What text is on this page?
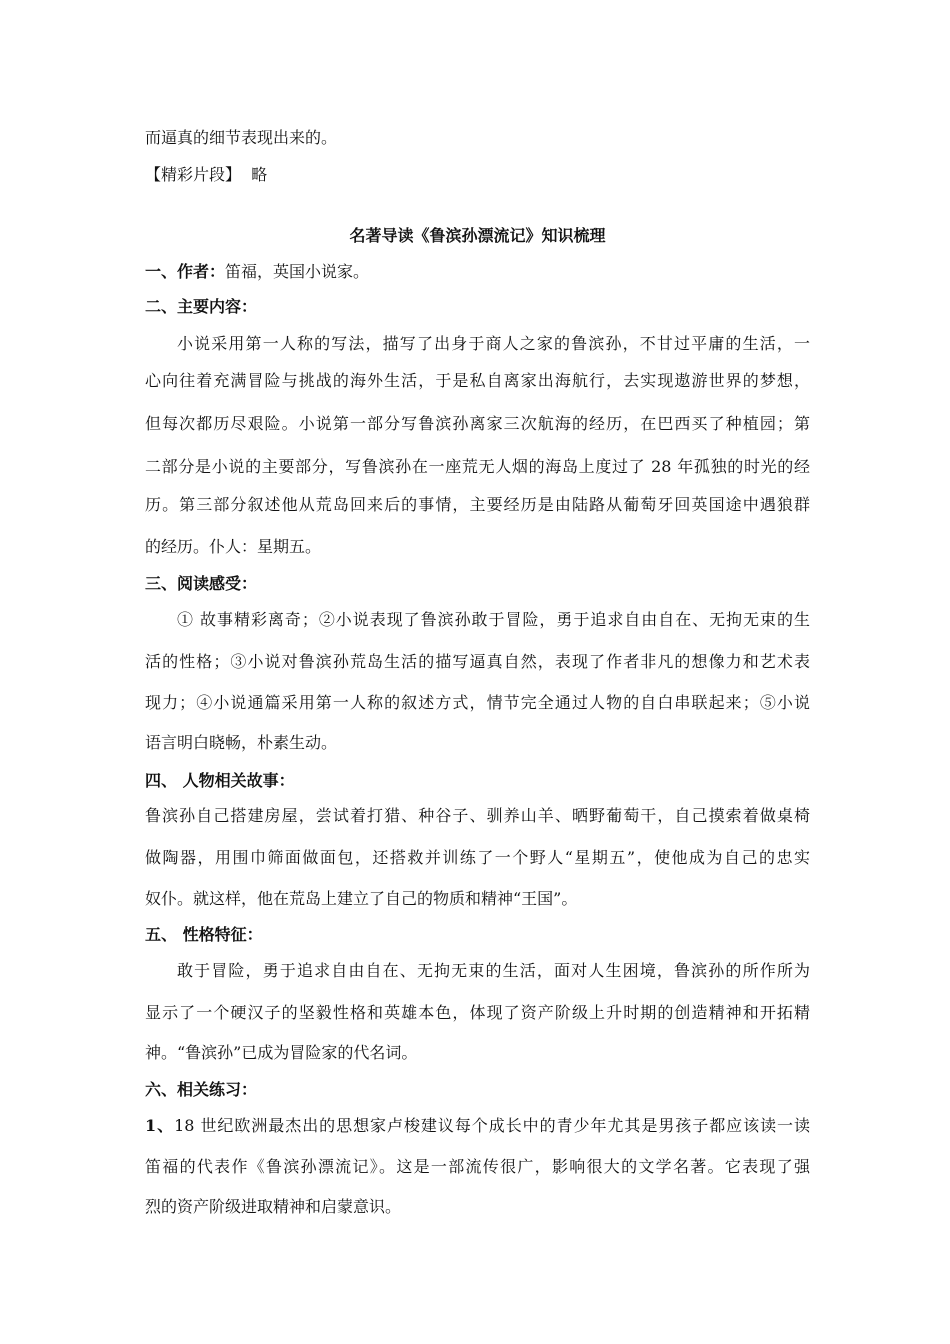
而逼真的细节表现出来的。
【精彩片段】 略
名著导读《鲁滨孙漂流记》知识梳理
一、作者：笛福，英国小说家。
二、主要内容：
小说采用第一人称的写法，描写了出身于商人之家的鲁滨孙，不甘过平庸的生活，一
心向往着充满冒险与挑战的海外生活，于是私自离家出海航行，去实现遨游世界的梦想，
但每次都历尽艰险。小说第一部分写鲁滨孙离家三次航海的经历，在巴西买了种植园；第
二部分是小说的主要部分，写鲁滨孙在一座荒无人烟的海岛上度过了 28 年孤独的时光的经
历。第三部分叙述他从荒岛回来后的事情，主要经历是由陆路从葡萄牙回英国途中遇狼群
的经历。仆人：星期五。
三、阅读感受：
① 故事精彩离奇；②小说表现了鲁滨孙敢于冒险，勇于追求自由自在、无拘无束的生
活的性格；③小说对鲁滨孙荒岛生活的描写逼真自然，表现了作者非凡的想像力和艺术表
现力；④小说通篇采用第一人称的叙述方式，情节完全通过人物的自白串联起来；⑤小说
语言明白晓畅，朴素生动。
四、 人物相关故事：
鲁滨孙自己搭建房屋，尝试着打猎、种谷子、驯养山羊、晒野葡萄干，自己摸索着做桌椅
做陶器，用围巾筛面做面包，还搭救并训练了一个野人“星期五”，使他成为自己的忠实
奴仆。就这样，他在荒岛上建立了自己的物质和精神“王国”。
五、 性格特征：
敢于冒险，勇于追求自由自在、无拘无束的生活，面对人生困境，鲁滨孙的所作所为
显示了一个硬汉子的坚毅性格和英雄本色，体现了资产阶级上升时期的创造精神和开拓精
神。“鲁滨孙”已成为冒险家的代名词。
六、相关练习：
1、18 世纪欧洲最杰出的思想家卢梭建议每个成长中的青少年尤其是男孩子都应该读一读
笛福的代表作《鲁滨孙漂流记》。这是一部流传很广，影响很大的文学名著。它表现了强
烈的资产阶级进取精神和启蒙意识。
